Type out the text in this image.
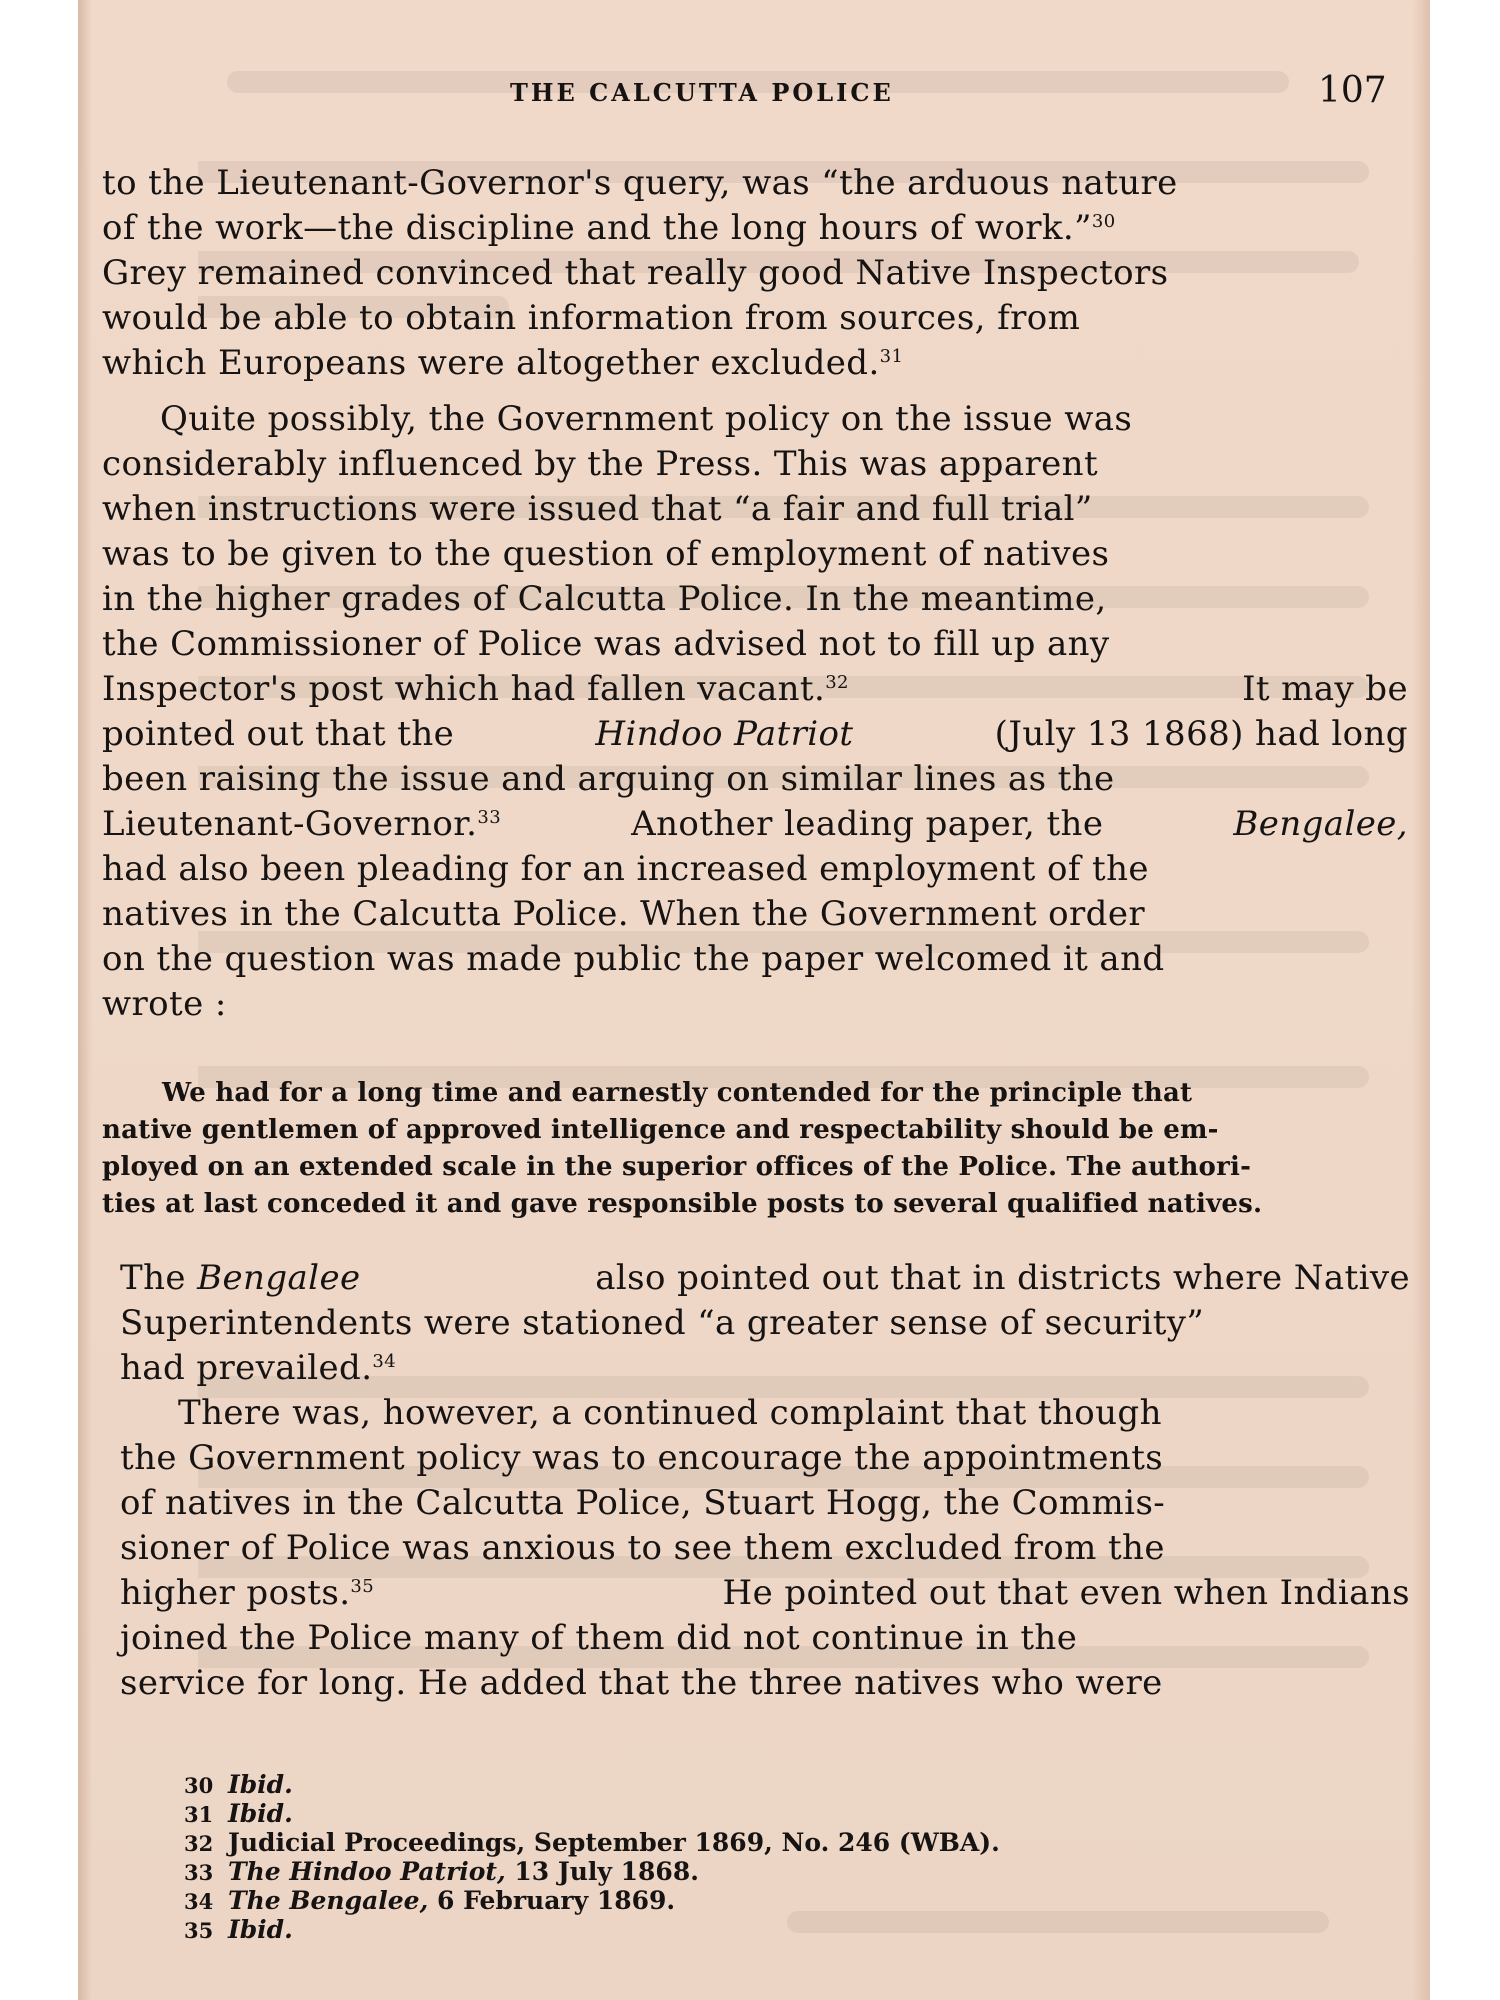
THE CALCUTTA POLICE	107

to the Lieutenant-Governor's query, was “the arduous nature

of the work—the discipline and the long hours of work.”$^{30}$

Grey remained convinced that really good Native Inspectors

would be able to obtain information from sources, from

which Europeans were altogether excluded.$^{31}$

Quite possibly, the Government policy on the issue was

considerably influenced by the Press. This was apparent

when instructions were issued that “a fair and full trial”

was to be given to the question of employment of natives

in the higher grades of Calcutta Police. In the meantime,

the Commissioner of Police was advised not to fill up any

Inspector's post which had fallen vacant.$^{32}$	It may be

pointed out that the	Hindoo Patriot	(July 13 1868) had long

been raising the issue and arguing on similar lines as the

Lieutenant-Governor.$^{33}$	Another leading paper, the	Bengalee,

had also been pleading for an increased employment of the

natives in the Calcutta Police. When the Government order

on the question was made public the paper welcomed it and

wrote :

We had for a long time and earnestly contended for the principle that

native gentlemen of approved intelligence and respectability should be em-

ployed on an extended scale in the superior offices of the Police. The authori-

ties at last conceded it and gave responsible posts to several qualified natives.

The Bengalee	also pointed out that in districts where Native

Superintendents were stationed “a greater sense of security”

had prevailed.$^{34}$

There was, however, a continued complaint that though

the Government policy was to encourage the appointments

of natives in the Calcutta Police, Stuart Hogg, the Commis-

sioner of Police was anxious to see them excluded from the

higher posts.$^{35}$	He pointed out that even when Indians

joined the Police many of them did not continue in the

service for long. He added that the three natives who were

30 Ibid.

31 Ibid.

32 Judicial Proceedings, September 1869, No. 246 (WBA).

33 The Hindoo Patriot, 13 July 1868.

34 The Bengalee, 6 February 1869.

35 Ibid.
